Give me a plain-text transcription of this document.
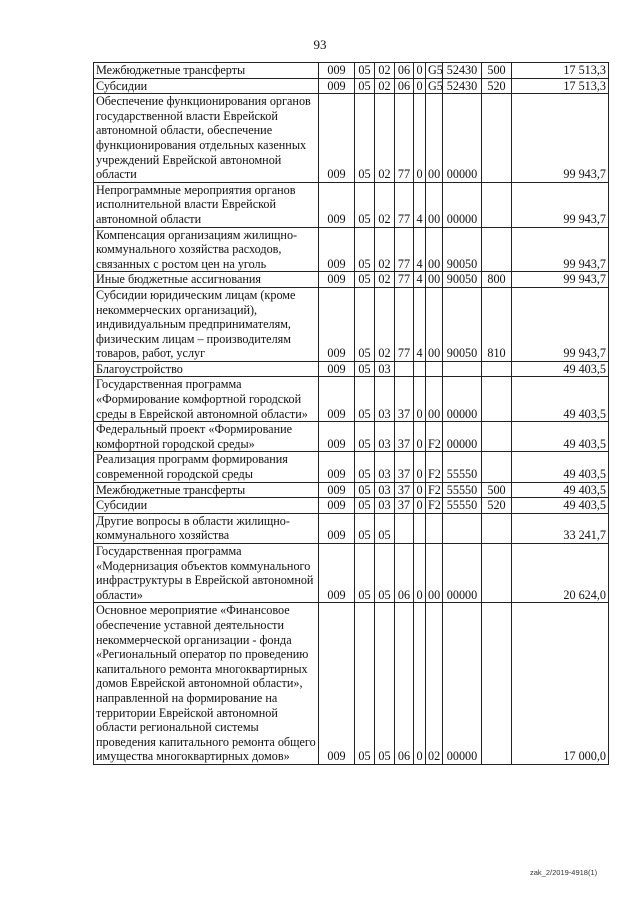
93
Межбюджетные трансферты	009	05	02	06	0	G5	52430	500	17 513,3
Субсидии	009	05	02	06	0	G5	52430	520	17 513,3
Обеспечение функционирования органов государственной власти Еврейской автономной области, обеспечение функционирования отдельных казенных учреждений Еврейской автономной области	009	05	02	77	0	00	00000		99 943,7
Непрограммные мероприятия органов исполнительной власти Еврейской автономной области	009	05	02	77	4	00	00000		99 943,7
Компенсация организациям жилищно-коммунального хозяйства расходов, связанных с ростом цен на уголь	009	05	02	77	4	00	90050		99 943,7
Иные бюджетные ассигнования	009	05	02	77	4	00	90050	800	99 943,7
Субсидии юридическим лицам (кроме некоммерческих организаций), индивидуальным предпринимателям, физическим лицам – производителям товаров, работ, услуг	009	05	02	77	4	00	90050	810	99 943,7
Благоустройство	009	05	03						49 403,5
Государственная программа «Формирование комфортной городской среды в Еврейской автономной области»	009	05	03	37	0	00	00000		49 403,5
Федеральный проект «Формирование комфортной городской среды»	009	05	03	37	0	F2	00000		49 403,5
Реализация программ формирования современной городской среды	009	05	03	37	0	F2	55550		49 403,5
Межбюджетные трансферты	009	05	03	37	0	F2	55550	500	49 403,5
Субсидии	009	05	03	37	0	F2	55550	520	49 403,5
Другие вопросы в области жилищно-коммунального хозяйства	009	05	05						33 241,7
Государственная программа «Модернизация объектов коммунального инфраструктуры в Еврейской автономной области»	009	05	05	06	0	00	00000		20 624,0
Основное мероприятие «Финансовое обеспечение уставной деятельности некоммерческой организации - фонда «Региональный оператор по проведению капитального ремонта многоквартирных домов Еврейской автономной области», направленной на формирование на территории Еврейской автономной области региональной системы проведения капитального ремонта общего имущества многоквартирных домов»	009	05	05	06	0	02	00000		17 000,0
zak_2/2019-4918(1)
